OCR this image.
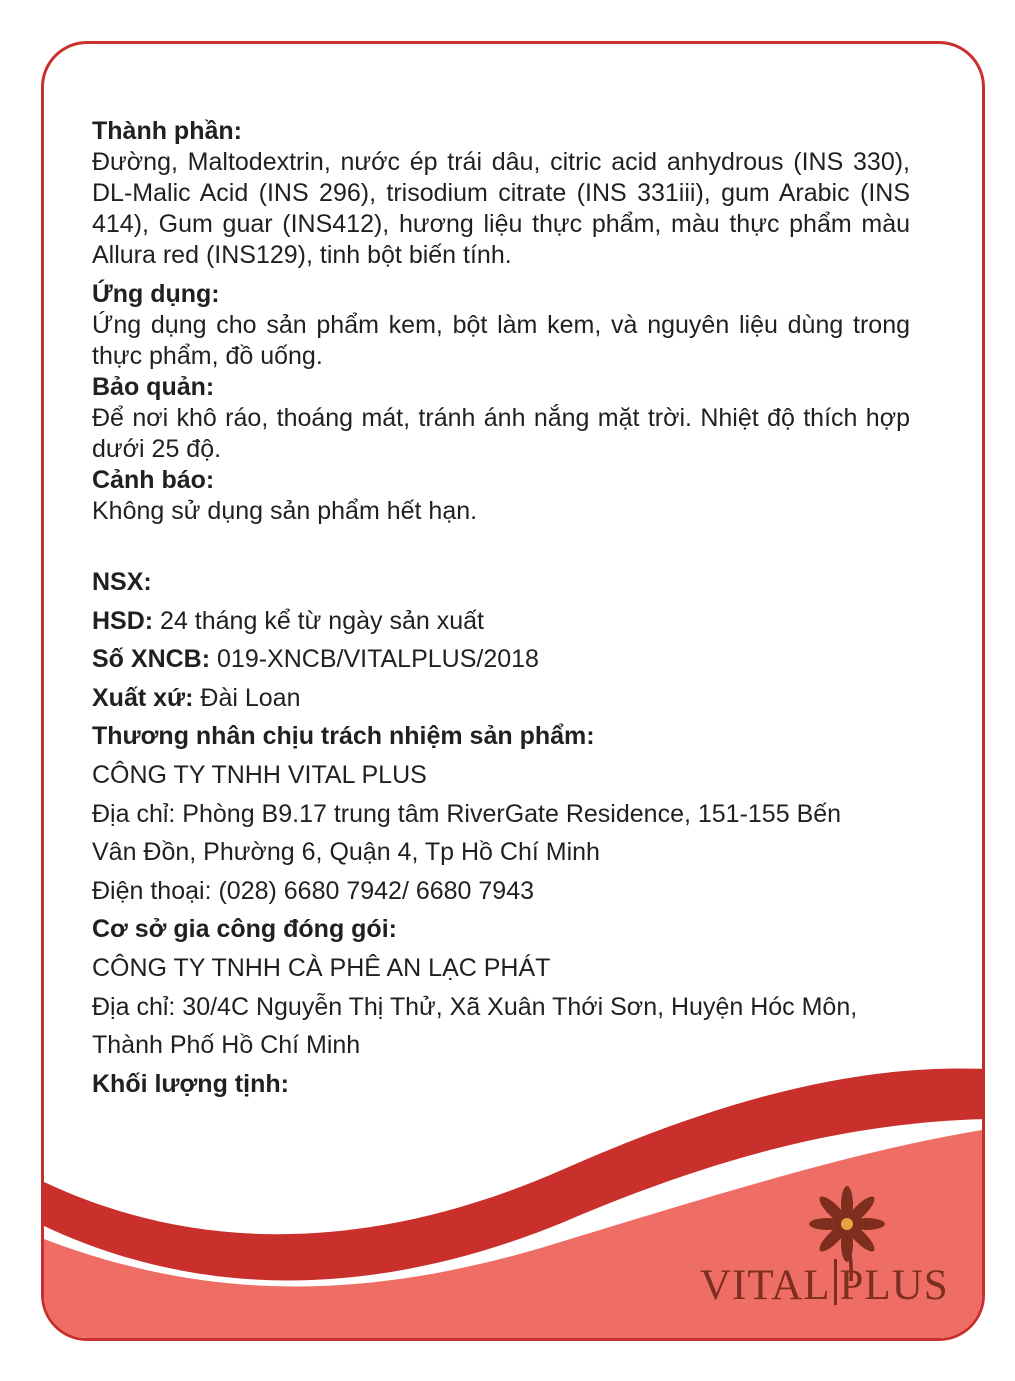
Thành phần:

Đường, Maltodextrin, nước ép trái dâu, citric acid anhydrous (INS 330), DL-Malic Acid (INS 296), trisodium citrate (INS 331iii), gum Arabic (INS 414), Gum guar (INS412), hương liệu thực phẩm, màu thực phẩm màu Allura red (INS129), tinh bột biến tính.

Ứng dụng:

Ứng dụng cho sản phẩm kem, bột làm kem, và nguyên liệu dùng trong thực phẩm, đồ uống.

Bảo quản:

Để nơi khô ráo, thoáng mát, tránh ánh nắng mặt trời. Nhiệt độ thích hợp dưới 25 độ.

Cảnh báo:

Không sử dụng sản phẩm hết hạn.

NSX:

HSD: 24 tháng kể từ ngày sản xuất

Số XNCB: 019-XNCB/VITALPLUS/2018

Xuất xứ: Đài Loan

Thương nhân chịu trách nhiệm sản phẩm:

CÔNG TY TNHH VITAL PLUS

Địa chỉ: Phòng B9.17 trung tâm RiverGate Residence, 151-155 Bến

Vân Đồn, Phường 6, Quận 4, Tp Hồ Chí Minh

Điện thoại: (028) 6680 7942/ 6680 7943

Cơ sở gia công đóng gói:

CÔNG TY TNHH CÀ PHÊ AN LẠC PHÁT

Địa chỉ: 30/4C Nguyễn Thị Thử, Xã Xuân Thới Sơn, Huyện Hóc Môn,

Thành Phố Hồ Chí Minh

Khối lượng tịnh:

VITAL PLUS
